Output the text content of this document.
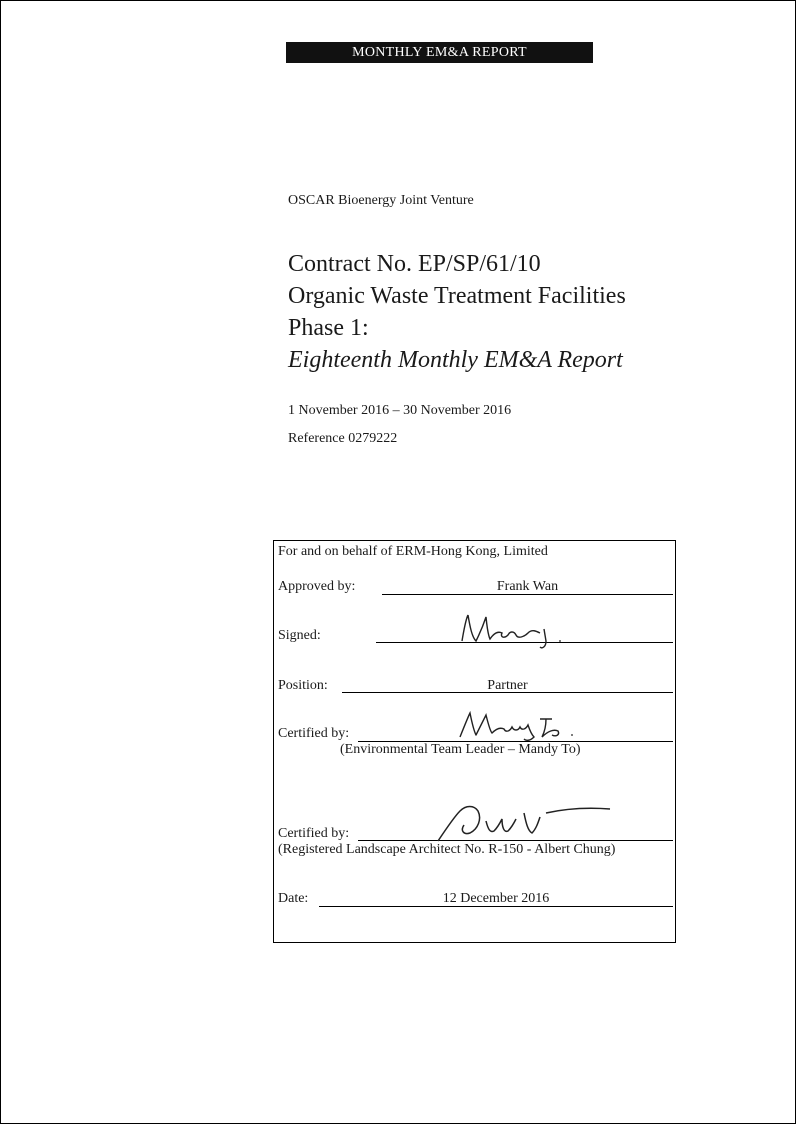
MONTHLY EM&A REPORT
OSCAR Bioenergy Joint Venture
Contract No. EP/SP/61/10
Organic Waste Treatment Facilities
Phase 1:
Eighteenth Monthly EM&A Report
1 November 2016 – 30 November 2016
Reference 0279222
For and on behalf of ERM-Hong Kong, Limited
Approved by:	Frank Wan
Signed:
Position:	Partner
Certified by:
(Environmental Team Leader – Mandy To)
Certified by:
(Registered Landscape Architect No. R-150 - Albert Chung)
Date:	12 December 2016
